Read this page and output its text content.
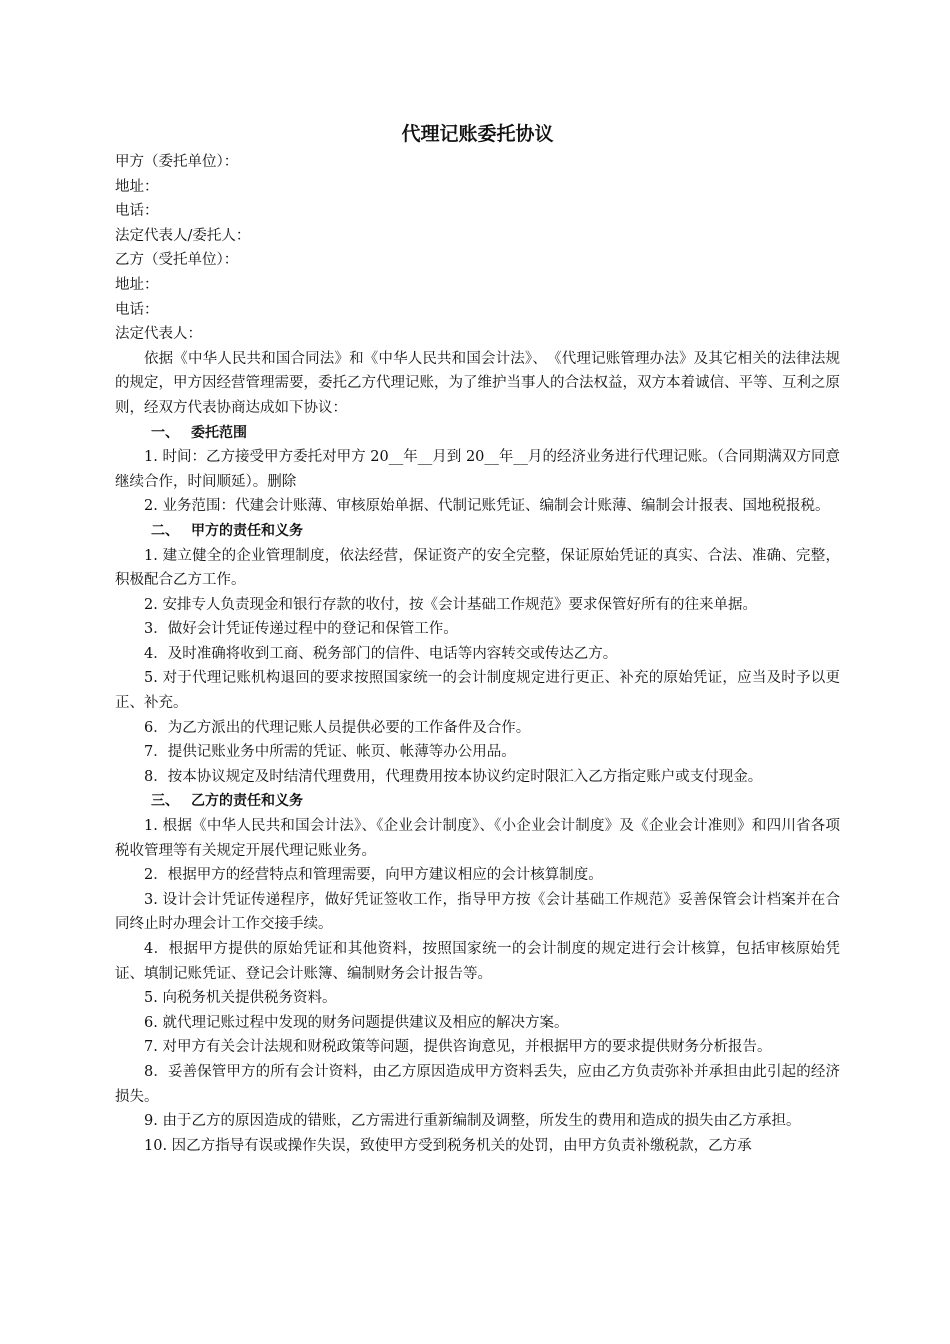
代理记账委托协议

甲方（委托单位）：

地址：

电话：

法定代表人/委托人：

乙方（受托单位）：

地址：

电话：

法定代表人：

依据《中华人民共和国合同法》和《中华人民共和国会计法》、　《代理记账管理办法》及其它相关的法律法规的规定，甲方因经营管理需要，委托乙方代理记账，为了维护当事人的合法权益，双方本着诚信、平等、互利之原则，经双方代表协商达成如下协议：

一、 委托范围

1. 时间：乙方接受甲方委托对甲方 20__年__月到 20__年__月的经济业务进行代理记账。（合同期满双方同意继续合作，时间顺延）。删除

2. 业务范围：代建会计账薄、审核原始单据、代制记账凭证、编制会计账薄、编制会计报表、国地税报税。

二、 甲方的责任和义务

1. 建立健全的企业管理制度，依法经营，保证资产的安全完整，保证原始凭证的真实、合法、准确、完整，积极配合乙方工作。

2. 安排专人负责现金和银行存款的收付，按《会计基础工作规范》要求保管好所有的往来单据。

3．做好会计凭证传递过程中的登记和保管工作。

4．及时准确将收到工商、税务部门的信件、电话等内容转交或传达乙方。

5. 对于代理记账机构退回的要求按照国家统一的会计制度规定进行更正、补充的原始凭证，应当及时予以更正、补充。

6．为乙方派出的代理记账人员提供必要的工作备件及合作。

7．提供记账业务中所需的凭证、帐页、帐薄等办公用品。

8．按本协议规定及时结清代理费用，代理费用按本协议约定时限汇入乙方指定账户或支付现金。

三、 乙方的责任和义务

1. 根据《中华人民共和国会计法》、《企业会计制度》、《小企业会计制度》及《企业会计准则》和四川省各项税收管理等有关规定开展代理记账业务。

2．根据甲方的经营特点和管理需要，向甲方建议相应的会计核算制度。

3. 设计会计凭证传递程序，做好凭证签收工作，指导甲方按《会计基础工作规范》妥善保管会计档案并在合同终止时办理会计工作交接手续。

4．根据甲方提供的原始凭证和其他资料，按照国家统一的会计制度的规定进行会计核算，包括审核原始凭证、填制记账凭证、登记会计账簿、编制财务会计报告等。

5. 向税务机关提供税务资料。

6. 就代理记账过程中发现的财务问题提供建议及相应的解决方案。

7. 对甲方有关会计法规和财税政策等问题，提供咨询意见，并根据甲方的要求提供财务分析报告。

8．妥善保管甲方的所有会计资料，由乙方原因造成甲方资料丢失，应由乙方负责弥补并承担由此引起的经济损失。

9. 由于乙方的原因造成的错账，乙方需进行重新编制及调整，所发生的费用和造成的损失由乙方承担。

10. 因乙方指导有误或操作失误，致使甲方受到税务机关的处罚，由甲方负责补缴税款，乙方承
